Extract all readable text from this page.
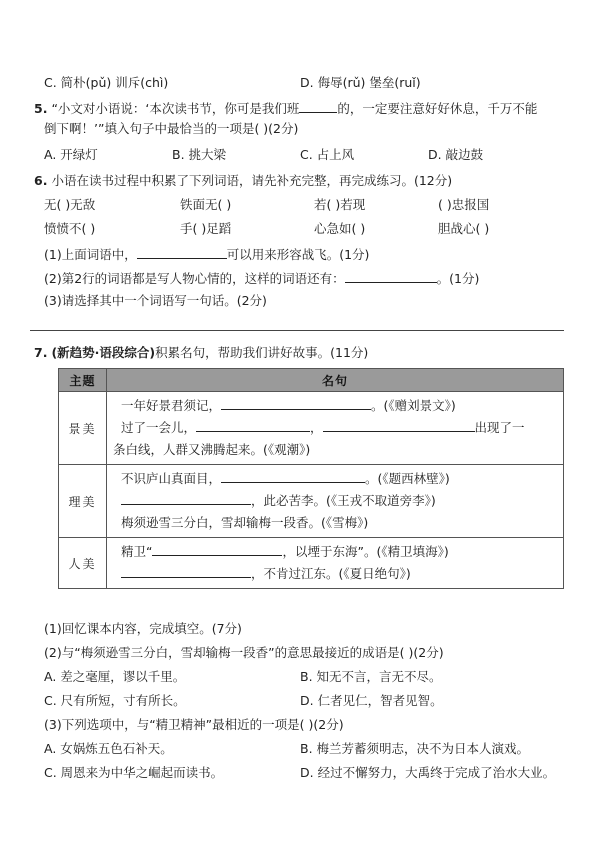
C. 简朴(pǔ) 训斥(chì)	D. 侮辱(rǔ) 堡垒(ruǐ)
5. “小文对小语说：‘本次读书节，你可是我们班	的，一定要注意好好休息，千万不能
倒下啊！’”填入句子中最恰当的一项是( )(2分)
A. 开绿灯	B. 挑大梁	C. 占上风	D. 敲边鼓
6. 小语在读书过程中积累了下列词语，请先补充完整，再完成练习。(12分)
无( )无敌	铁面无( )	若( )若现	( )忠报国
愤愤不( )	手( )足蹈	心急如( )	胆战心( )
(1)上面词语中，	可以用来形容战飞。(1分)
(2)第2行的词语都是写人物心情的，这样的词语还有：	。(1分)
(3)请选择其中一个词语写一句话。(2分)
7. (新趋势·语段综合)积累名句，帮助我们讲好故事。(11分)
主题	名句
景美	一年好景君须记， 。(《赠刘景文》)
过了一会儿， ， 出现了一
条白线，人群又沸腾起来。(《观潮》)

理美	不识庐山真面目， 。(《题西林壁》)
，此必苦李。(《王戎不取道旁李》)
梅须逊雪三分白，雪却输梅一段香。(《雪梅》)

人美	精卫“ ，以堙于东海”。(《精卫填海》)
，不肯过江东。(《夏日绝句》)
(1)回忆课本内容，完成填空。(7分)
(2)与“梅须逊雪三分白，雪却输梅一段香”的意思最接近的成语是( )(2分)
A. 差之毫厘，谬以千里。	B. 知无不言，言无不尽。
C. 尺有所短，寸有所长。	D. 仁者见仁，智者见智。
(3)下列选项中，与“精卫精神”最相近的一项是( )(2分)
A. 女娲炼五色石补天。	B. 梅兰芳蓄须明志，决不为日本人演戏。
C. 周恩来为中华之崛起而读书。	D. 经过不懈努力，大禹终于完成了治水大业。
